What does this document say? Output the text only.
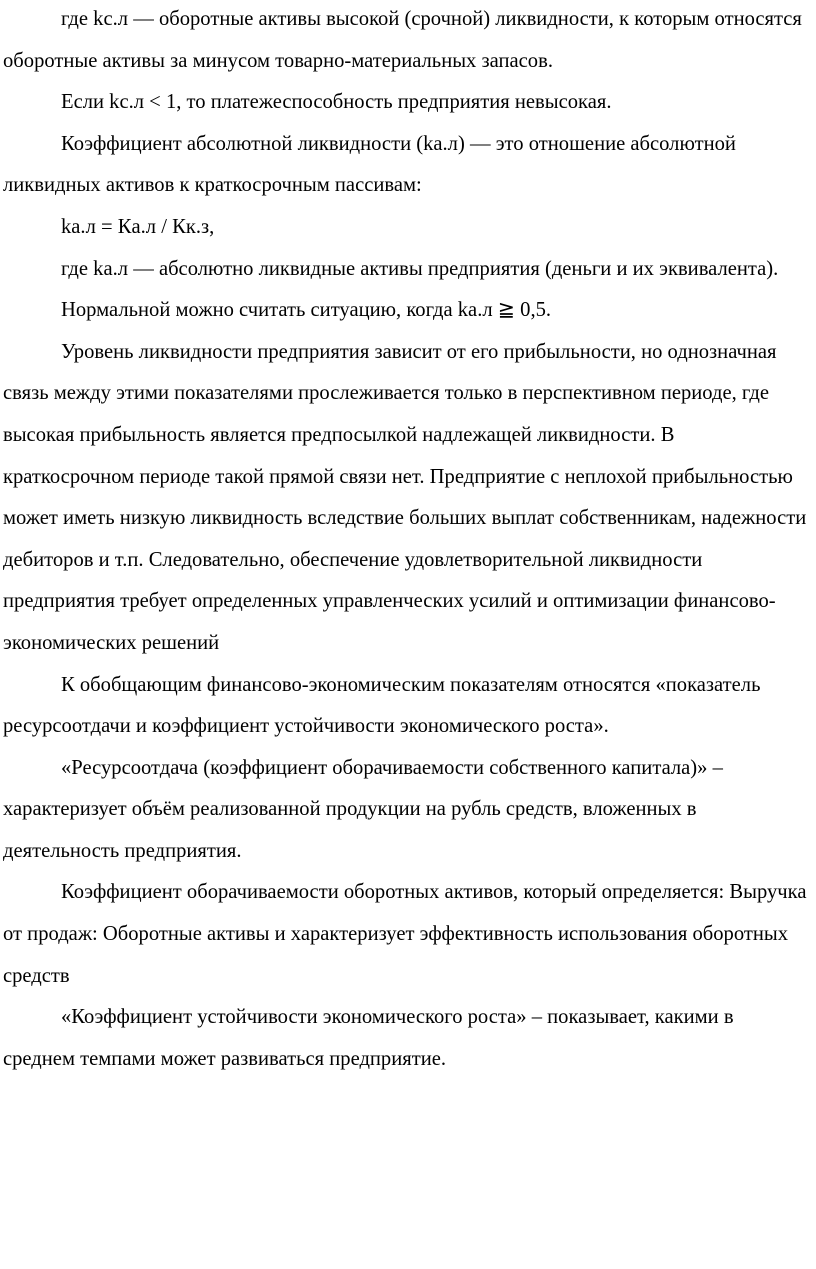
где kс.л — оборотные активы высокой (срочной) ликвидности, к которым относятся оборотные активы за минусом товарно-материальных запасов.

Если kс.л < 1, то платежеспособность предприятия невысокая.

Коэффициент абсолютной ликвидности (kа.л) — это отношение абсолютной ликвидных активов к краткосрочным пассивам:

kа.л = Кa.л / Кк.з,

где kа.л — абсолютно ликвидные активы предприятия (деньги и их эквивалента).

Нормальной можно считать ситуацию, когда kа.л ≧ 0,5.

Уровень ликвидности предприятия зависит от его прибыльности, но однозначная связь между этими показателями прослеживается только в перспективном периоде, где высокая прибыльность является предпосылкой надлежащей ликвидности. В краткосрочном периоде такой прямой связи нет. Предприятие с неплохой прибыльностью может иметь низкую ликвидность вследствие больших выплат собственникам, надежности дебиторов и т.п. Следовательно, обеспечение удовлетворительной ликвидности предприятия требует определенных управленческих усилий и оптимизации финансово-экономических решений

К обобщающим финансово-экономическим показателям относятся «показатель ресурсоотдачи и коэффициент устойчивости экономического роста».

«Ресурсоотдача (коэффициент оборачиваемости собственного капитала)» – характеризует объём реализованной продукции на рубль средств, вложенных в деятельность предприятия.

Коэффициент оборачиваемости оборотных активов, который определяется: Выручка от продаж: Оборотные активы и характеризует эффективность использования оборотных средств

«Коэффициент устойчивости экономического роста» – показывает, какими в среднем темпами может развиваться предприятие.
